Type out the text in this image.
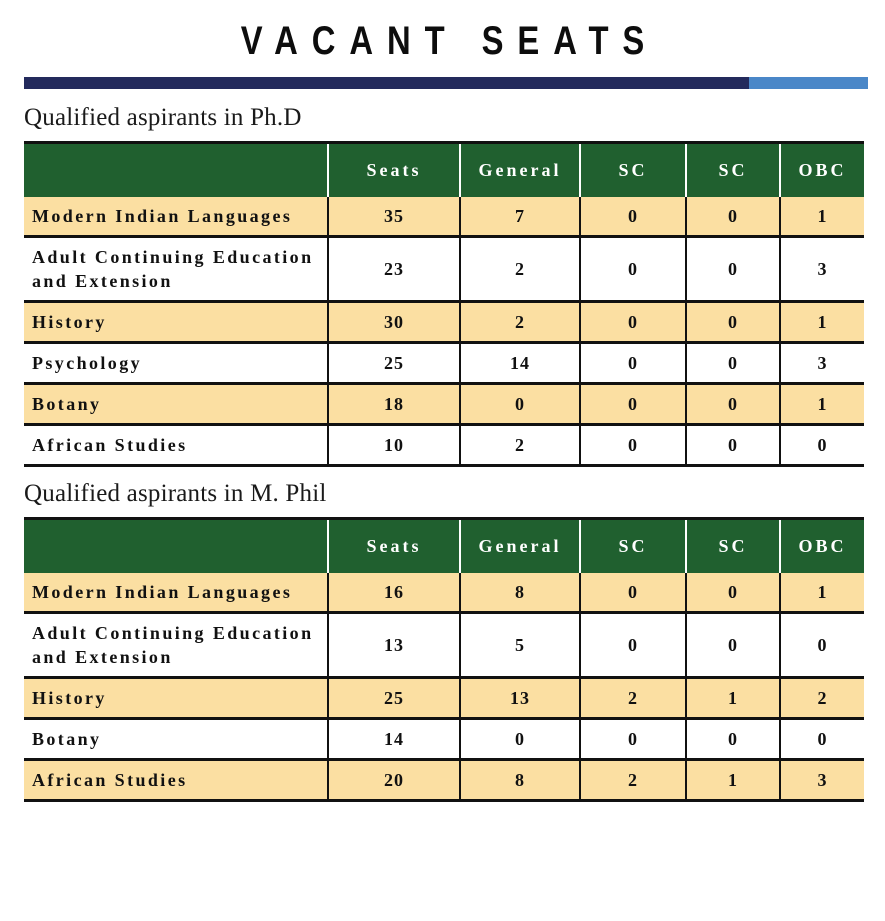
VACANT SEATS
Qualified aspirants in Ph.D
	Seats	General	SC	SC	OBC
Modern Indian Languages	35	7	0	0	1
Adult Continuing Education and Extension	23	2	0	0	3
History	30	2	0	0	1
Psychology	25	14	0	0	3
Botany	18	0	0	0	1
African Studies	10	2	0	0	0
Qualified aspirants in M. Phil
	Seats	General	SC	SC	OBC
Modern Indian Languages	16	8	0	0	1
Adult Continuing Education and Extension	13	5	0	0	0
History	25	13	2	1	2
Botany	14	0	0	0	0
African Studies	20	8	2	1	3
